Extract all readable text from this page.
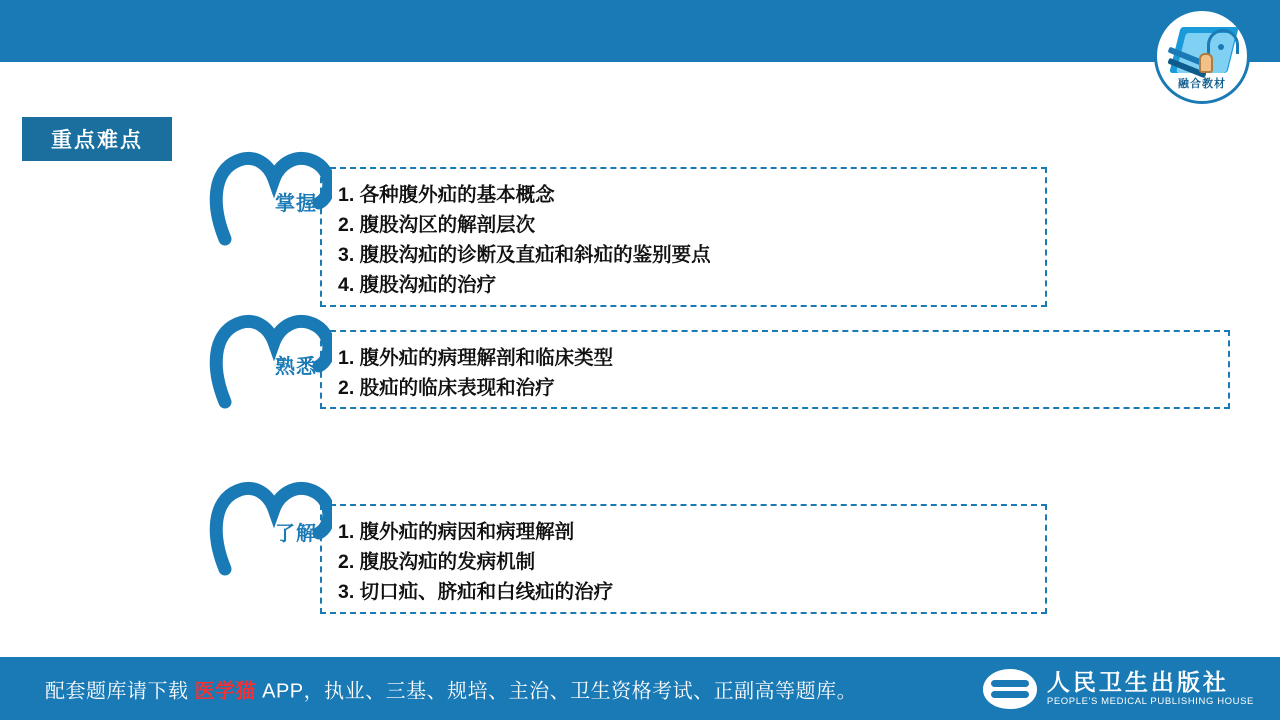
融合教材
重点难点
掌握 1. 各种腹外疝的基本概念
2. 腹股沟区的解剖层次
3. 腹股沟疝的诊断及直疝和斜疝的鉴别要点
4. 腹股沟疝的治疗
熟悉 1. 腹外疝的病理解剖和临床类型
2. 股疝的临床表现和治疗
了解 1. 腹外疝的病因和病理解剖
2. 腹股沟疝的发病机制
3. 切口疝、脐疝和白线疝的治疗
配套题库请下载 医学猫 APP，执业、三基、规培、主治、卫生资格考试、正副高等题库。	人民卫生出版社
PEOPLE'S MEDICAL PUBLISHING HOUSE
